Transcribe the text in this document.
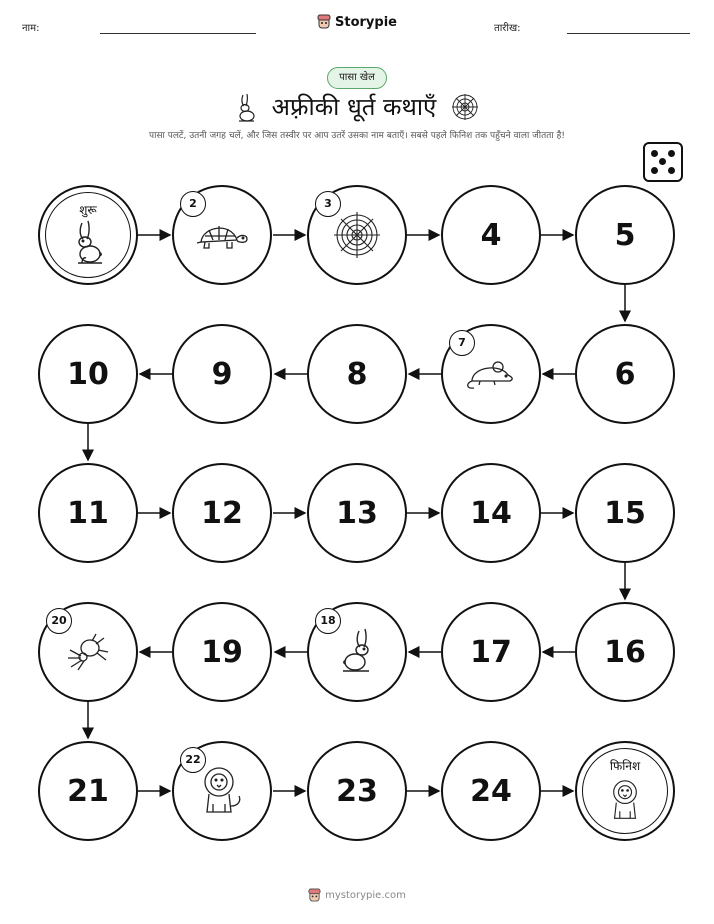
नाम:	Storypie	तारीख:
पासा खेल
अफ़्रीकी धूर्त कथाएँ
पासा पलटें, उतनी जगह चलें, और जिस तस्वीर पर आप उतरें उसका नाम बताएँ। सबसे पहले फिनिश तक पहुँचने वाला जीतता है!
शुरू	2	3
4	5
6
7
8
9
10
11	12	13	14	15
16
17
18
19
20
21
22
23	24
फिनिश
mystorypie.com
